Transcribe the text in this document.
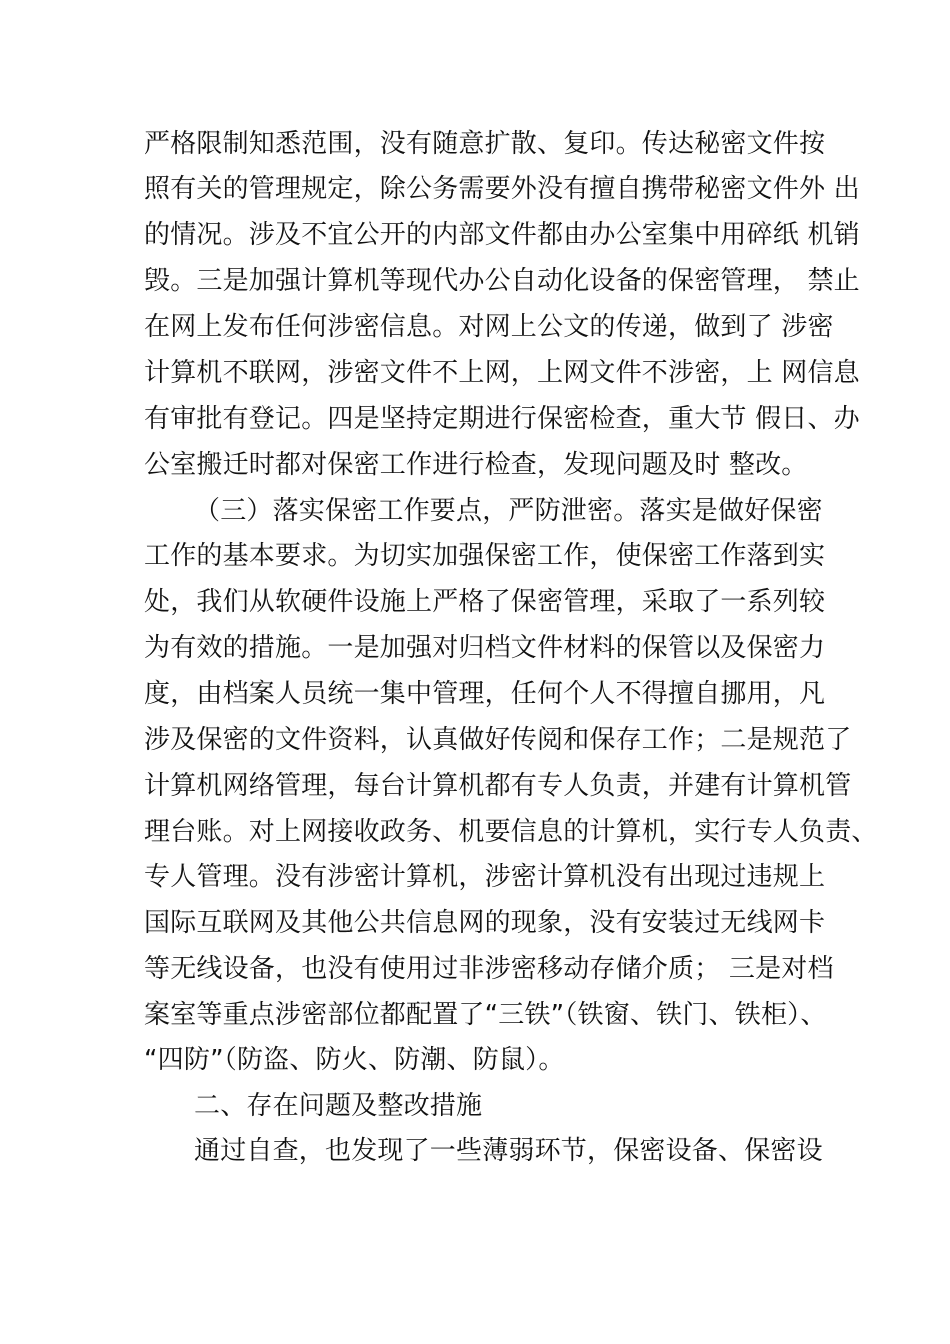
严格限制知悉范围，没有随意扩散、复印。传达秘密文件按
照有关的管理规定，除公务需要外没有擅自携带秘密文件外 出
的情况。涉及不宜公开的内部文件都由办公室集中用碎纸 机销
毁。三是加强计算机等现代办公自动化设备的保密管理， 禁止
在网上发布任何涉密信息。对网上公文的传递，做到了 涉密
计算机不联网，涉密文件不上网，上网文件不涉密，上 网信息
有审批有登记。四是坚持定期进行保密检查，重大节 假日、办
公室搬迁时都对保密工作进行检查，发现问题及时 整改。
（三）落实保密工作要点，严防泄密。落实是做好保密
工作的基本要求。为切实加强保密工作，使保密工作落到实
处，我们从软硬件设施上严格了保密管理，采取了一系列较
为有效的措施。一是加强对归档文件材料的保管以及保密力
度，由档案人员统一集中管理，任何个人不得擅自挪用，凡
涉及保密的文件资料，认真做好传阅和保存工作；二是规范了
计算机网络管理，每台计算机都有专人负责，并建有计算机管
理台账。对上网接收政务、机要信息的计算机，实行专人负责、
专人管理。没有涉密计算机，涉密计算机没有出现过违规上
国际互联网及其他公共信息网的现象，没有安装过无线网卡
等无线设备，也没有使用过非涉密移动存储介质； 三是对档
案室等重点涉密部位都配置了“三铁”（铁窗、铁门、铁柜）、
“四防”（防盗、防火、防潮、防鼠）。
二、存在问题及整改措施
通过自查，也发现了一些薄弱环节，保密设备、保密设
